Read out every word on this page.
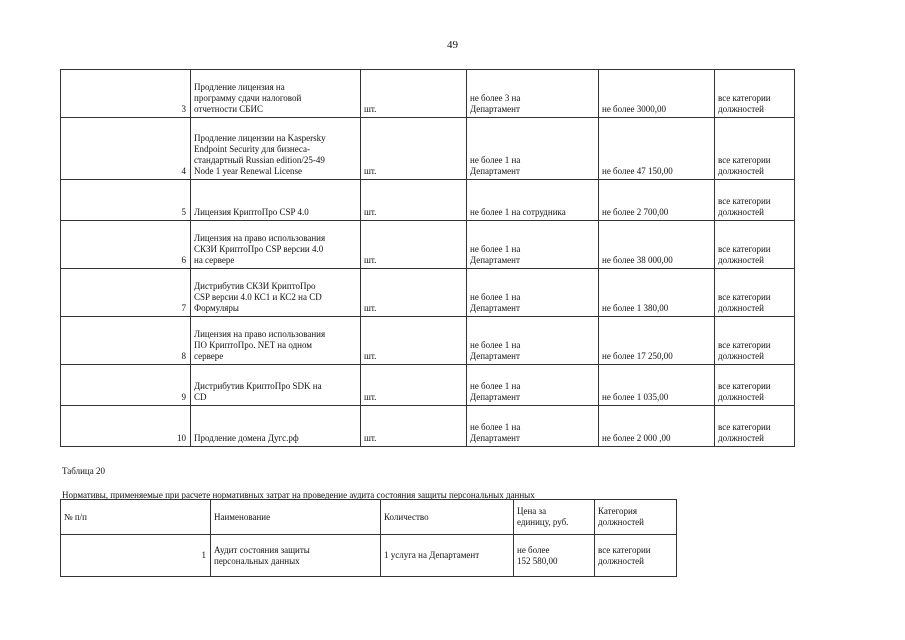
49
3	Продление лицензия на
программу сдачи налоговой
отчетности СБИС	шт.	не более 3 на
Департамент	не более 3000,00	все категории
должностей

4	Продление лицензии на Kaspersky
Endpoint Security для бизнеса-
стандартный Russian edition/25-49
Node 1 year Renewal License	шт.	не более 1 на
Департамент	не более 47 150,00	все категории
должностей

5	Лицензия КриптоПро CSP 4.0	шт.	не более 1 на сотрудника	не более 2 700,00	все категории
должностей

6	Лицензия на право использования
СКЗИ КриптоПро CSP версии 4.0
на сервере	шт.	не более 1 на
Департамент	не более 38 000,00	все категории
должностей

7	Дистрибутив СКЗИ КриптоПро
CSP версии 4.0 КС1 и КС2 на CD
Формуляры	шт.	не более 1 на
Департамент	не более 1 380,00	все категории
должностей

8	Лицензия на право использования
ПО КриптоПро. NET на одном
сервере	шт.	не более 1 на
Департамент	не более 17 250,00	все категории
должностей

9	Дистрибутив КриптоПро SDK на
CD	шт.	не более 1 на
Департамент	не более 1 035,00	все категории
должностей

10	Продление домена Дугс.рф	шт.	не более 1 на
Департамент	не более 2 000 ,00	все категории
должностей
Таблица 20
Нормативы, применяемые при расчете нормативных затрат на проведение аудита состояния защиты персональных данных
№ п/п	Наименование	Количество	Цена за
единицу, руб.	Категория
должностей

1	Аудит состояния защиты
персональных данных	1 услуга на Департамент	не более
152 580,00	все категории
должностей
